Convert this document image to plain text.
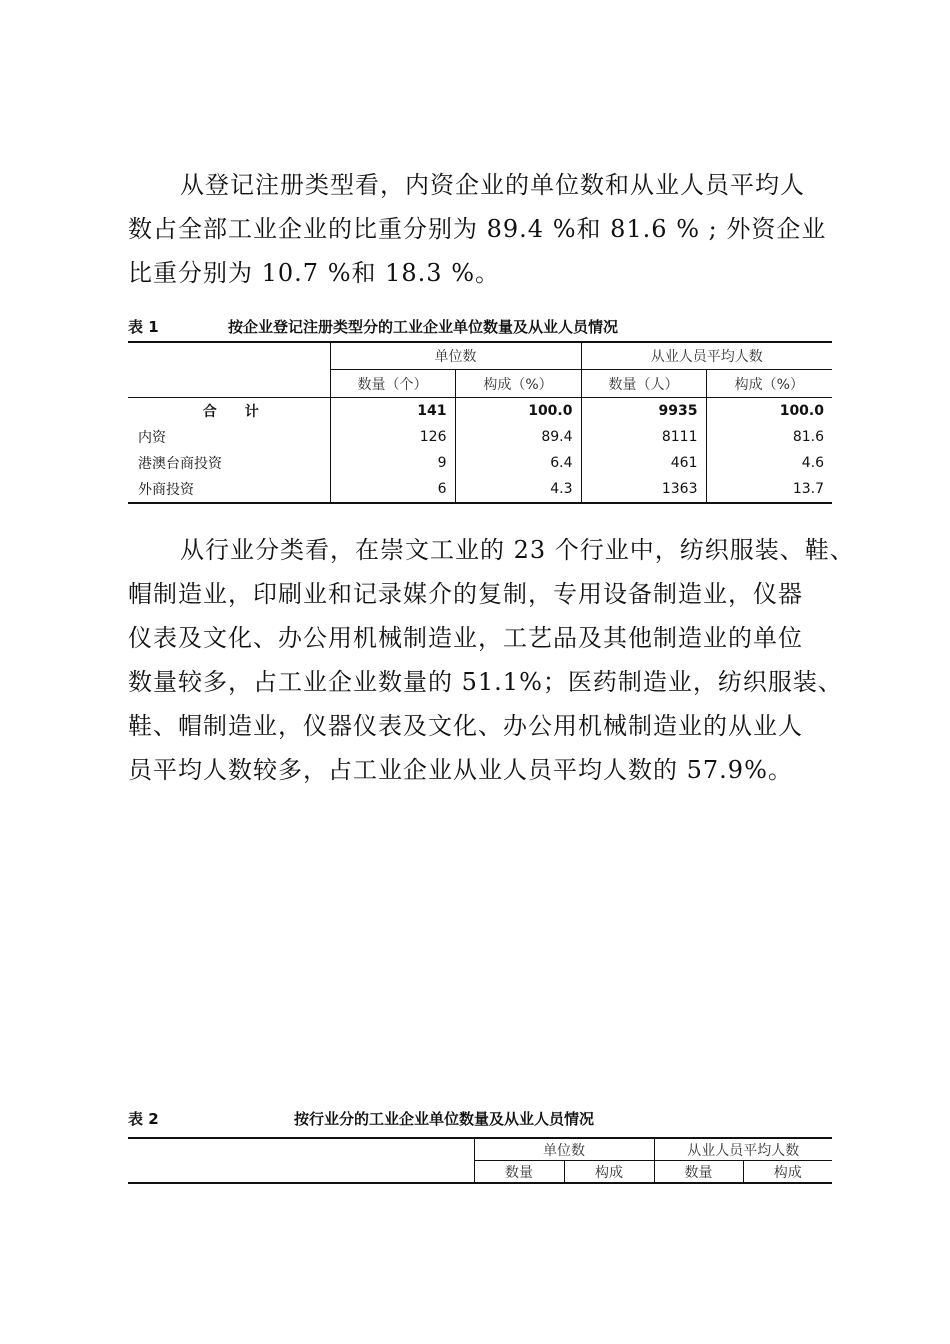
从登记注册类型看，内资企业的单位数和从业人员平均人

数占全部工业企业的比重分别为 89.4 %和 81.6 % ; 外资企业

比重分别为 10.7 %和 18.3 %。

表 1	按企业登记注册类型分的工业企业单位数量及从业人员情况
	单位数		从业人员平均人数	
	数量（个）	构成（%）	数量（人）	构成（%）
合计	141	100.0	9935	100.0
内资	126	89.4	8111	81.6
港澳台商投资	9	6.4	461	4.6
外商投资	6	4.3	1363	13.7

从行业分类看，在崇文工业的 23 个行业中，纺织服装、鞋、

帽制造业，印刷业和记录媒介的复制，专用设备制造业，仪器

仪表及文化、办公用机械制造业，工艺品及其他制造业的单位

数量较多，占工业企业数量的 51.1%；医药制造业，纺织服装、

鞋、帽制造业，仪器仪表及文化、办公用机械制造业的从业人

员平均人数较多，占工业企业从业人员平均人数的 57.9%。

表 2	按行业分的工业企业单位数量及从业人员情况
	单位数		从业人员平均人数	
	数量	构成	数量	构成
